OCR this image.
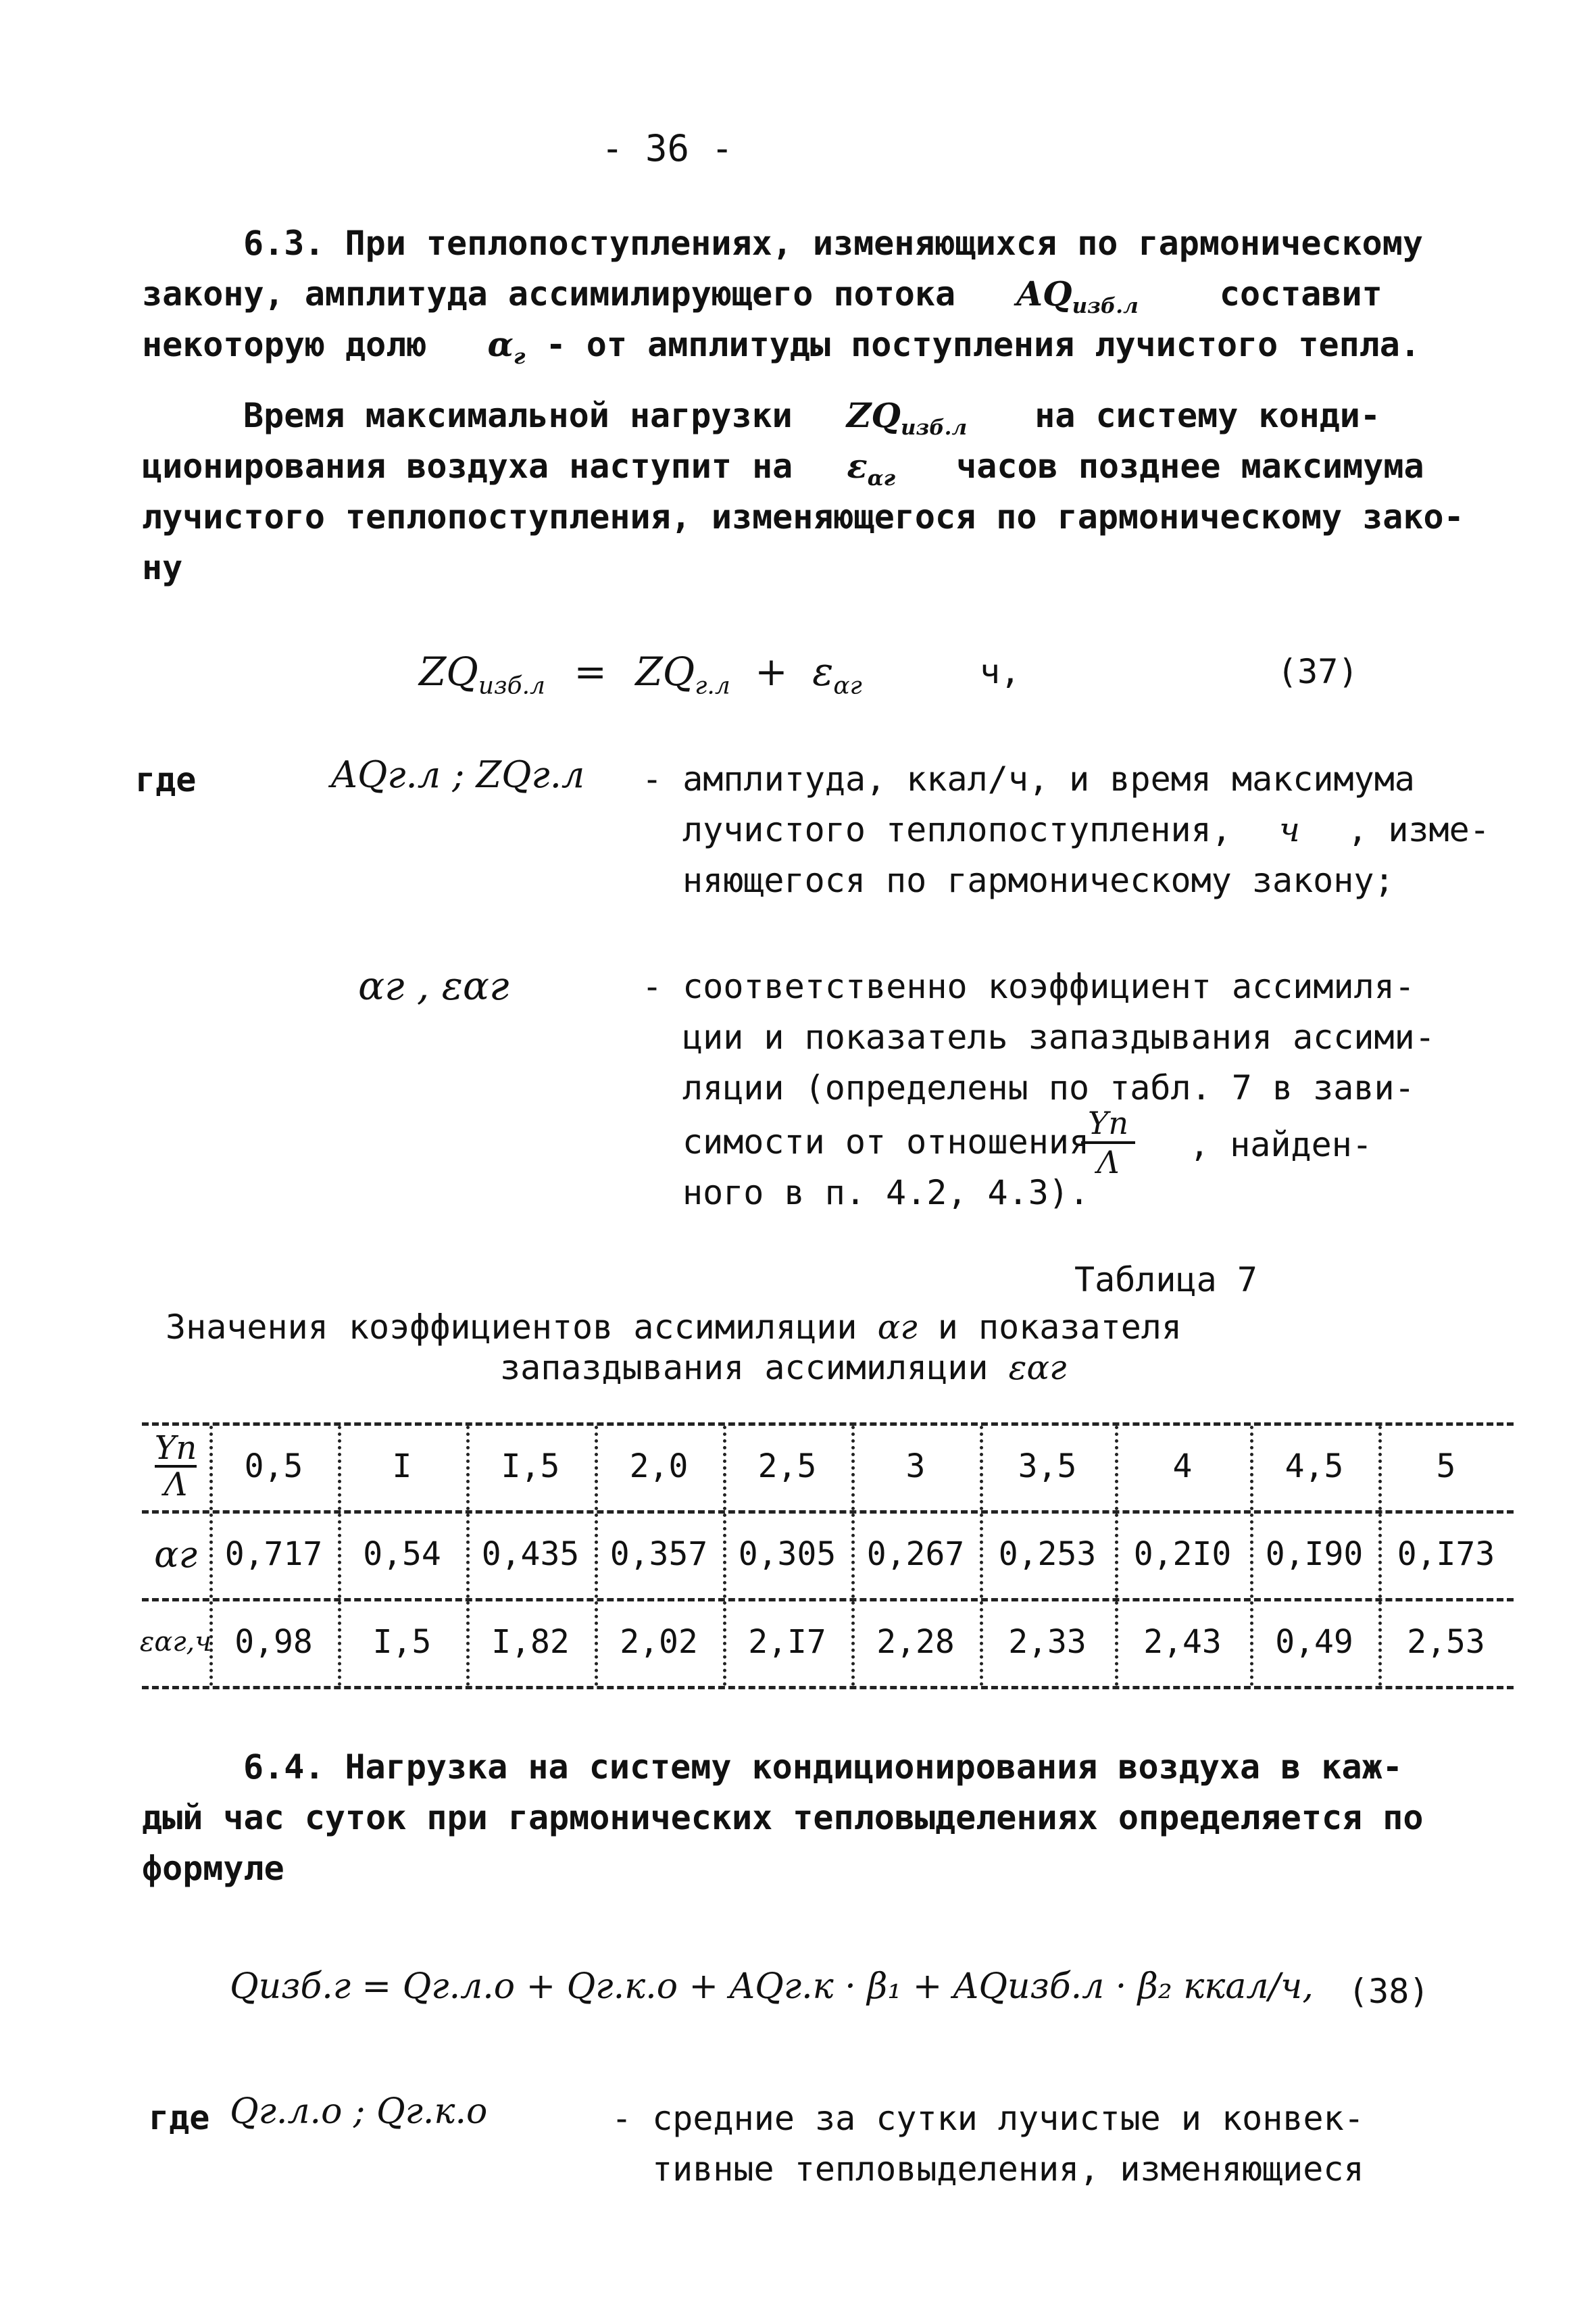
- 36 -
6.3. При теплопоступлениях, изменяющихся по гармоническому
закону, амплитуда ассимилирующего потока $AQ_{изб.л}$ составит
некоторую долю $\alpha_г$ - от амплитуды поступления лучистого тепла.
Время максимальной нагрузки $ZQ_{изб.л}$ на систему конди-
ционирования воздуха наступит на $\varepsilon_{\alpha г}$ часов позднее максимума
лучистого теплопоступления, изменяющегося по гармоническому зако-
ну
$ZQ_{изб.л} = ZQ_{г.л} + \varepsilon_{\alpha г}$	ч,	(37)
где	AQг.л ; ZQг.л - амплитуда, ккал/ч, и время максимума
лучистого теплопоступления, ч , изме-
няющегося по гармоническому закону;
αг , εαг	- соответственно коэффициент ассимиля-
ции и показатель запаздывания ассими-
ляции (определены по табл. 7 в зави-
симости от отношения
Yп
Λ	, найден-
ного в п. 4.2, 4.3).
Таблица 7
Значения коэффициентов ассимиляции αг и показателя
запаздывания ассимиляции εαг
Yп
Λ	0,5	I	I,5	2,0	2,5	3	3,5	4	4,5	5
αг 0,717	0,54	0,435 0,357 0,305 0,267	0,253	0,2I0	0,I90	0,I73
εαг,ч 0,98	I,5	I,82	2,02	2,I7	2,28	2,33	2,43	0,49	2,53
6.4. Нагрузка на систему кондиционирования воздуха в каж-
дый час суток при гармонических тепловыделениях определяется по
формуле
Qизб.г = Qг.л.о + Qг.к.о + AQг.к · β₁ + AQизб.л · β₂ ккал/ч, (38)
где Qг.л.о ; Qг.к.о	- средние за сутки лучистые и конвек-
тивные тепловыделения, изменяющиеся
